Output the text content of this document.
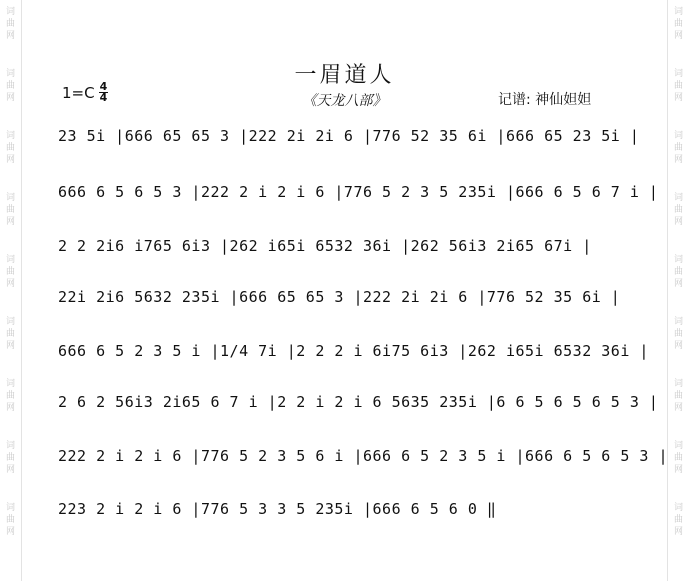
词
曲
网
词
曲
网
词
曲
网
词
曲
网
词
曲
网
词
曲
网
词
曲
网
词
曲
网
词
曲
网
词
曲
网
词
曲
网
词
曲
网
词
曲
网
词
曲
网
词
曲
网
词
曲
网
词
曲
网
词
曲
网
一眉道人
《天龙八部》
$1=C \frac{4}{4}$	记谱: 神仙妲妲
23 5i |666 65 65 3 |222 2i 2i 6 |776 52 35 6i |666 65 23 5i |
666 6 5 6 5 3 |222 2 i 2 i 6 |776 5 2 3 5 235i |666 6 5 6 7 i |
2 2 2i6 i765 6i3 |262 i65i 6532 36i |262 56i3 2i65 67i |
22i 2i6 5632 235i |666 65 65 3 |222 2i 2i 6 |776 52 35 6i |
666 6 5 2 3 5 i |1/4 7i |2 2 2 i 6i75 6i3 |262 i65i 6532 36i |
2 6 2 56i3 2i65 6 7 i |2 2 i 2 i 6 5635 235i |6 6 5 6 5 6 5 3 |
222 2 i 2 i 6 |776 5 2 3 5 6 i |666 6 5 2 3 5 i |666 6 5 6 5 3 |
223 2 i 2 i 6 |776 5 3 3 5 235i |666 6 5 6 0 ‖
